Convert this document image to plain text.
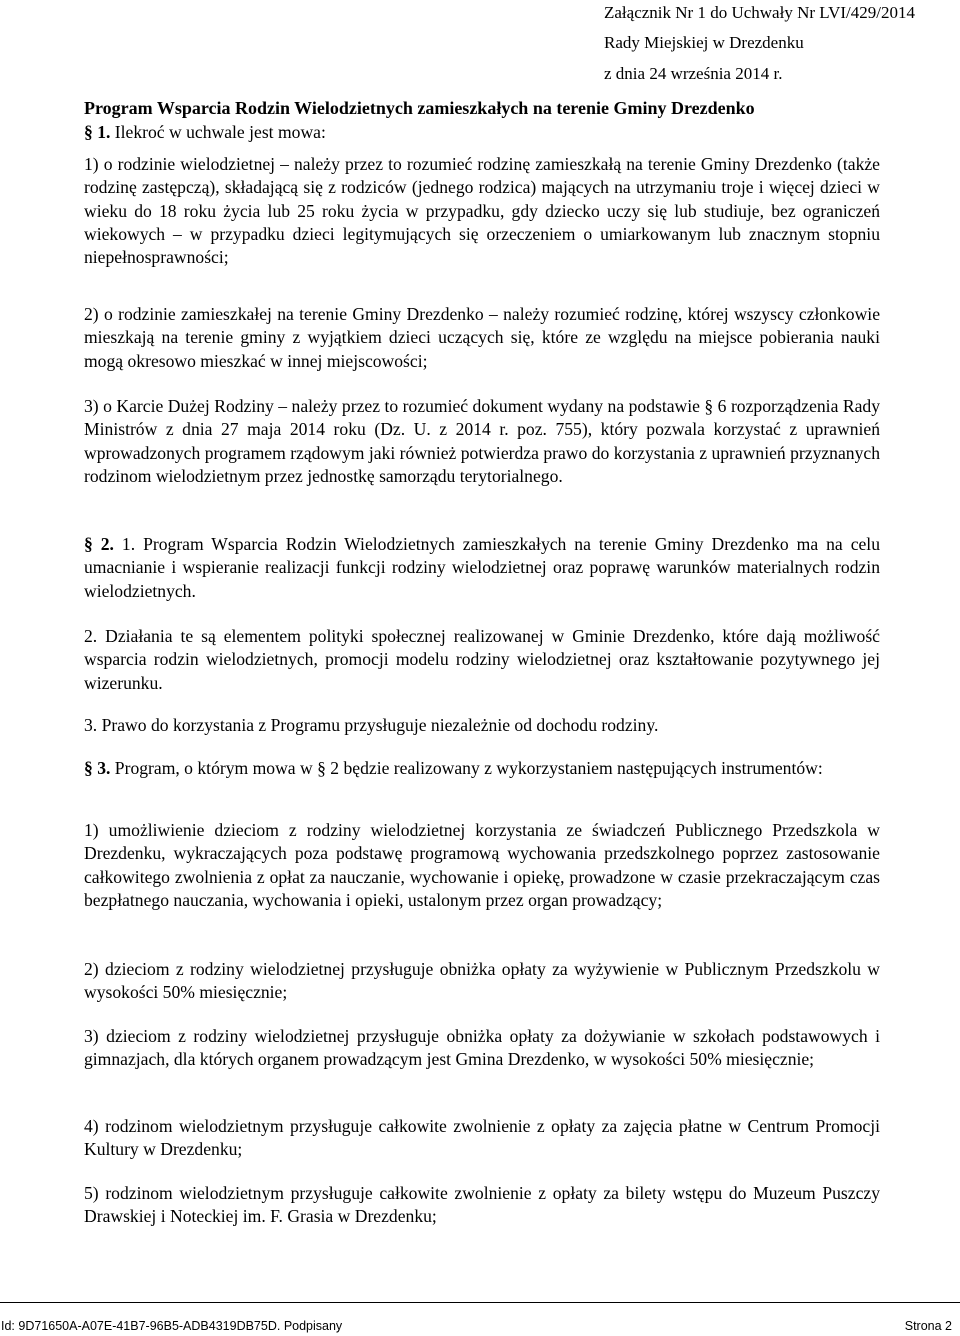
Załącznik Nr 1 do Uchwały Nr LVI/429/2014
Rady Miejskiej w Drezdenku
z dnia 24 września 2014 r.
Program Wsparcia Rodzin Wielodzietnych zamieszkałych na terenie Gminy Drezdenko
§ 1. Ilekroć w uchwale jest mowa:
1) o rodzinie wielodzietnej – należy przez to rozumieć rodzinę zamieszkałą na terenie Gminy Drezdenko (także rodzinę zastępczą), składającą się z rodziców (jednego rodzica) mających na utrzymaniu troje i więcej dzieci w wieku do 18 roku życia lub 25 roku życia w przypadku, gdy dziecko uczy się lub studiuje, bez ograniczeń wiekowych – w przypadku dzieci legitymujących się orzeczeniem o umiarkowanym lub znacznym stopniu niepełnosprawności;
2) o rodzinie zamieszkałej na terenie Gminy Drezdenko – należy rozumieć rodzinę, której wszyscy członkowie mieszkają na terenie gminy z wyjątkiem dzieci uczących się, które ze względu na miejsce pobierania nauki mogą okresowo mieszkać w innej miejscowości;
3) o Karcie Dużej Rodziny – należy przez to rozumieć dokument wydany na podstawie § 6 rozporządzenia Rady Ministrów z dnia 27 maja 2014 roku (Dz. U. z 2014 r. poz. 755), który pozwala korzystać z uprawnień wprowadzonych programem rządowym jaki również potwierdza prawo do korzystania z uprawnień przyznanych rodzinom wielodzietnym przez jednostkę samorządu terytorialnego.
§ 2. 1. Program Wsparcia Rodzin Wielodzietnych zamieszkałych na terenie Gminy Drezdenko ma na celu umacnianie i wspieranie realizacji funkcji rodziny wielodzietnej oraz poprawę warunków materialnych rodzin wielodzietnych.
2. Działania te są elementem polityki społecznej realizowanej w Gminie Drezdenko, które dają możliwość wsparcia rodzin wielodzietnych, promocji modelu rodziny wielodzietnej oraz kształtowanie pozytywnego jej wizerunku.
3. Prawo do korzystania z Programu przysługuje niezależnie od dochodu rodziny.
§ 3. Program, o którym mowa w § 2 będzie realizowany z wykorzystaniem następujących instrumentów:
1) umożliwienie dzieciom z rodziny wielodzietnej korzystania ze świadczeń Publicznego Przedszkola w Drezdenku, wykraczających poza podstawę programową wychowania przedszkolnego poprzez zastosowanie całkowitego zwolnienia z opłat za nauczanie, wychowanie i opiekę, prowadzone w czasie przekraczającym czas bezpłatnego nauczania, wychowania i opieki, ustalonym przez organ prowadzący;
2) dzieciom z rodziny wielodzietnej przysługuje obniżka opłaty za wyżywienie w Publicznym Przedszkolu w wysokości 50% miesięcznie;
3) dzieciom z rodziny wielodzietnej przysługuje obniżka opłaty za dożywianie w szkołach podstawowych i gimnazjach, dla których organem prowadzącym jest Gmina Drezdenko, w wysokości 50% miesięcznie;
4) rodzinom wielodzietnym przysługuje całkowite zwolnienie z opłaty za zajęcia płatne w Centrum Promocji Kultury w Drezdenku;
5) rodzinom wielodzietnym przysługuje całkowite zwolnienie z opłaty za bilety wstępu do Muzeum Puszczy Drawskiej i Noteckiej im. F. Grasia w Drezdenku;
Id: 9D71650A-A07E-41B7-96B5-ADB4319DB75D. Podpisany	Strona 2
